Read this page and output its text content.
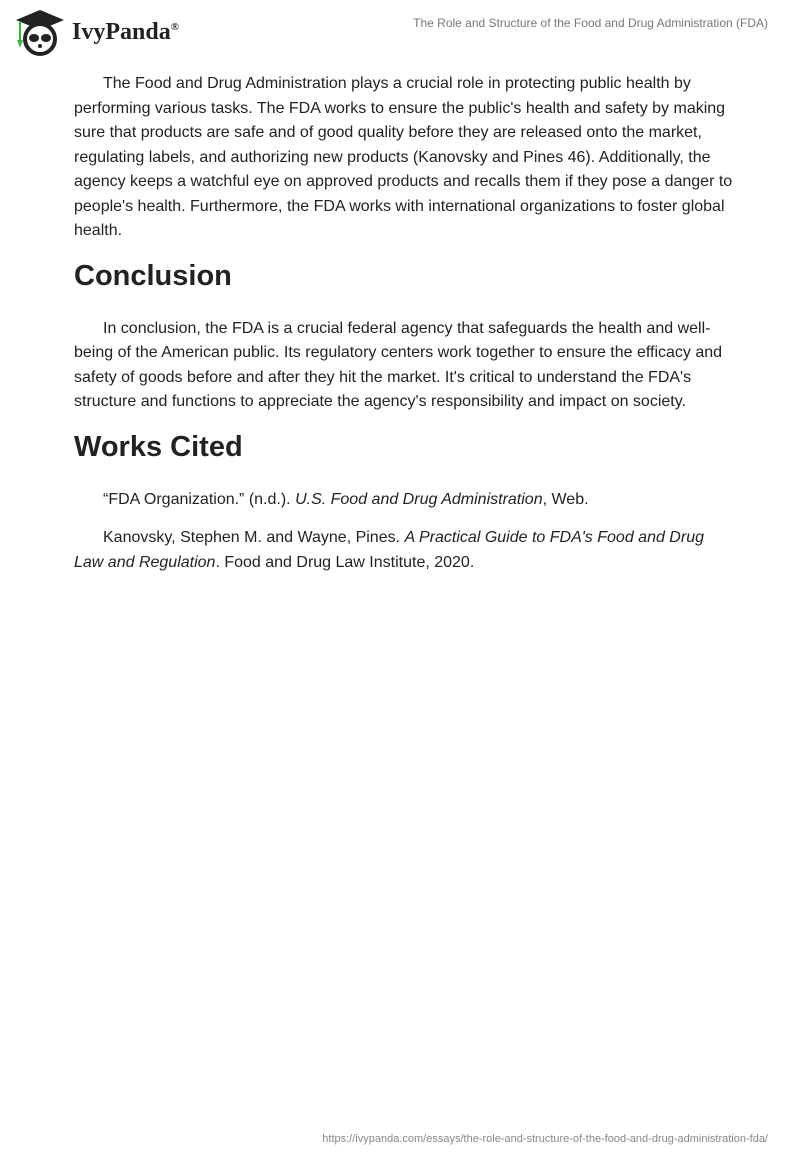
IvyPanda®	The Role and Structure of the Food and Drug Administration (FDA)

The Food and Drug Administration plays a crucial role in protecting public health by performing various tasks. The FDA works to ensure the public's health and safety by making sure that products are safe and of good quality before they are released onto the market, regulating labels, and authorizing new products (Kanovsky and Pines 46). Additionally, the agency keeps a watchful eye on approved products and recalls them if they pose a danger to people's health. Furthermore, the FDA works with international organizations to foster global health.

Conclusion

In conclusion, the FDA is a crucial federal agency that safeguards the health and well-being of the American public. Its regulatory centers work together to ensure the efficacy and safety of goods before and after they hit the market. It's critical to understand the FDA's structure and functions to appreciate the agency's responsibility and impact on society.

Works Cited

“FDA Organization.” (n.d.). U.S. Food and Drug Administration, Web.

Kanovsky, Stephen M. and Wayne, Pines. A Practical Guide to FDA's Food and Drug Law and Regulation. Food and Drug Law Institute, 2020.

https://ivypanda.com/essays/the-role-and-structure-of-the-food-and-drug-administration-fda/
